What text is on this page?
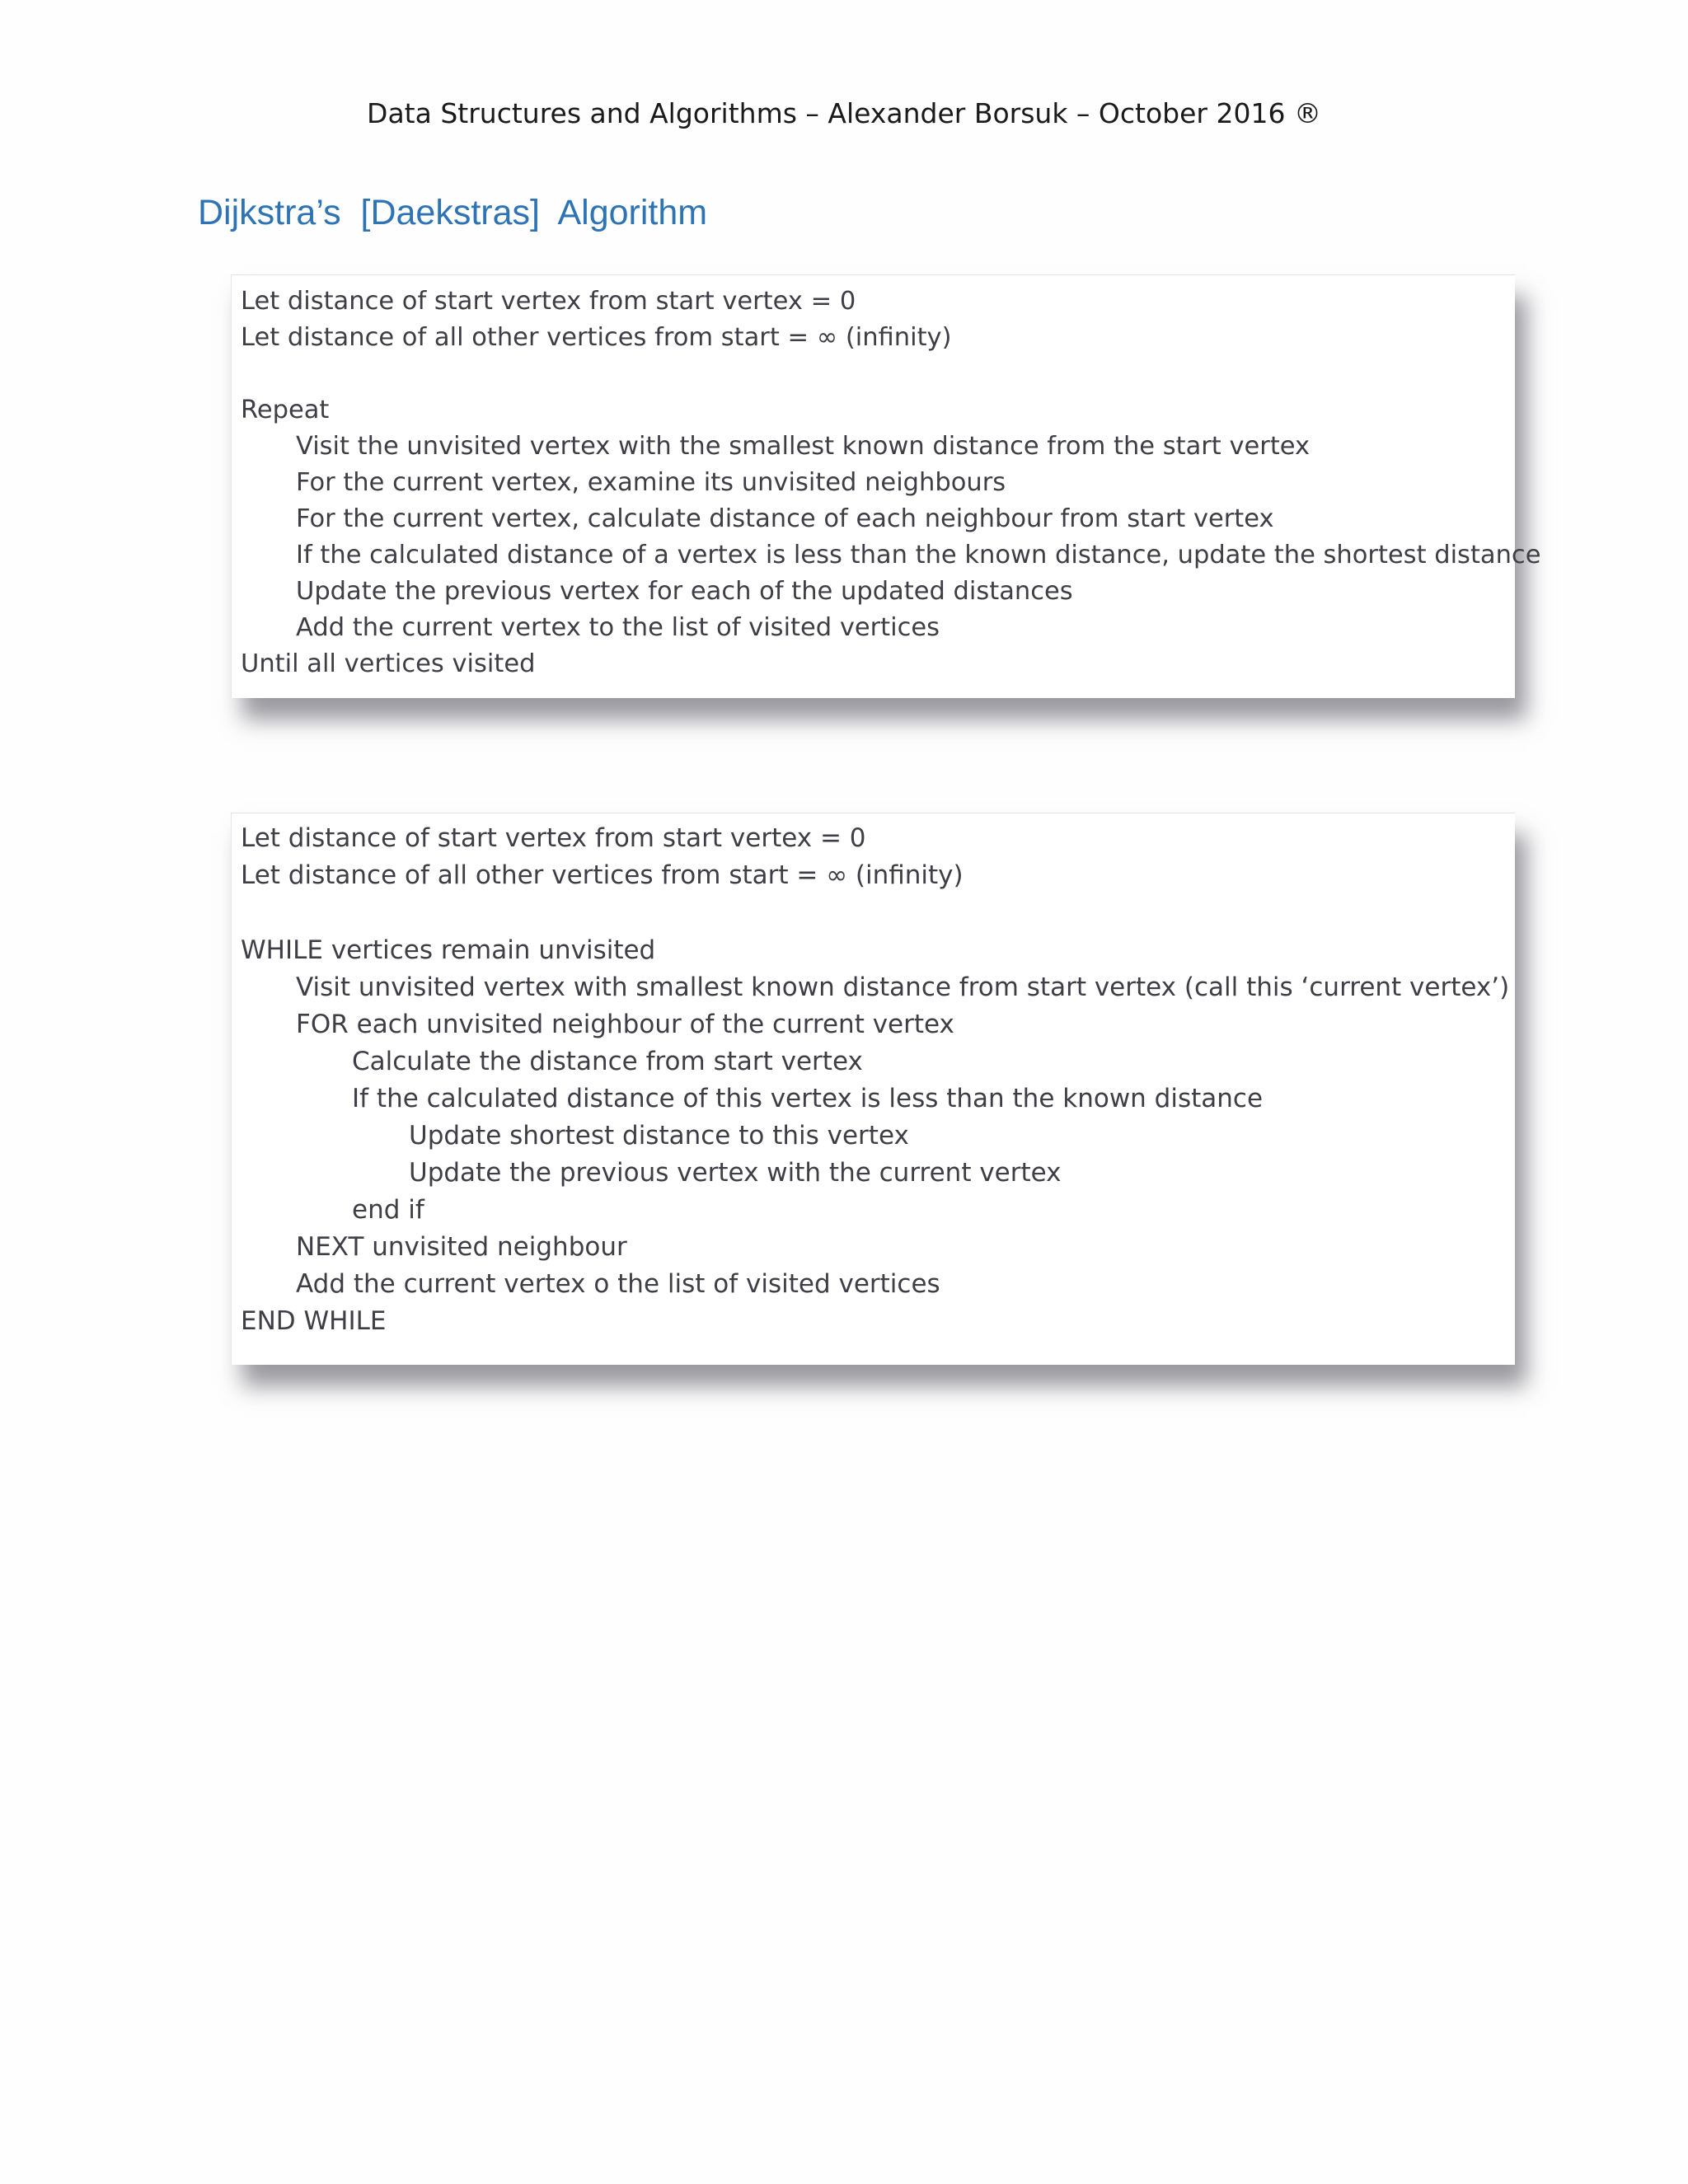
Data Structures and Algorithms – Alexander Borsuk – October 2016 ®
Dijkstra’s  [Daekstras]  Algorithm
Let distance of start vertex from start vertex = 0
Let distance of all other vertices from start = ∞ (infinity)
Repeat
Visit the unvisited vertex with the smallest known distance from the start vertex
For the current vertex, examine its unvisited neighbours
For the current vertex, calculate distance of each neighbour from start vertex
If the calculated distance of a vertex is less than the known distance, update the shortest distance
Update the previous vertex for each of the updated distances
Add the current vertex to the list of visited vertices
Until all vertices visited
Let distance of start vertex from start vertex = 0
Let distance of all other vertices from start = ∞ (infinity)
WHILE vertices remain unvisited
Visit unvisited vertex with smallest known distance from start vertex (call this ‘current vertex’)
FOR each unvisited neighbour of the current vertex
Calculate the distance from start vertex
If the calculated distance of this vertex is less than the known distance
Update shortest distance to this vertex
Update the previous vertex with the current vertex
end if
NEXT unvisited neighbour
Add the current vertex o the list of visited vertices
END WHILE
